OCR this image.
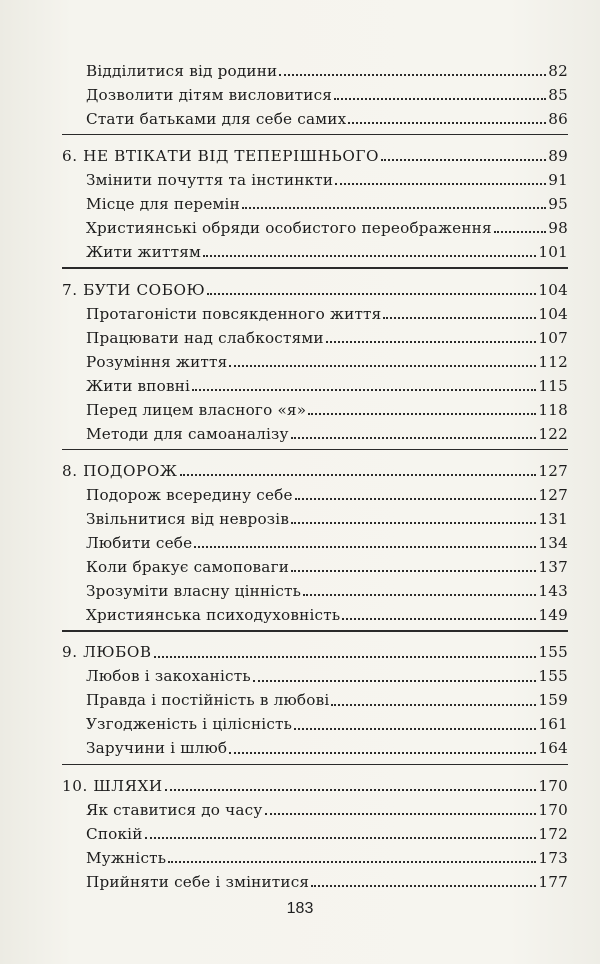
Відділитися від родини	82
Дозволити дітям висловитися	85
Стати батьками для себе самих	86
6. НЕ ВТІКАТИ ВІД ТЕПЕРІШНЬОГО	89
Змінити почуття та інстинкти	91
Місце для перемін	95
Християнські обряди особистого переображення	98
Жити життям	101
7. БУТИ СОБОЮ	104
Протагоністи повсякденного життя	104
Працювати над слабкостями	107
Розуміння життя	112
Жити вповні	115
Перед лицем власного «я»	118
Методи для самоаналізу	122
8. ПОДОРОЖ	127
Подорож всередину себе	127
Звільнитися від неврозів	131
Любити себе	134
Коли бракує самоповаги	137
Зрозуміти власну цінність	143
Християнська психодуховність	149
9. ЛЮБОВ	155
Любов і закоханість	155
Правда і постійність в любові	159
Узгодженість і цілісність	161
Заручини і шлюб	164
10. ШЛЯХИ	170
Як ставитися до часу	170
Спокій	172
Мужність	173
Прийняти себе і змінитися	177
183
